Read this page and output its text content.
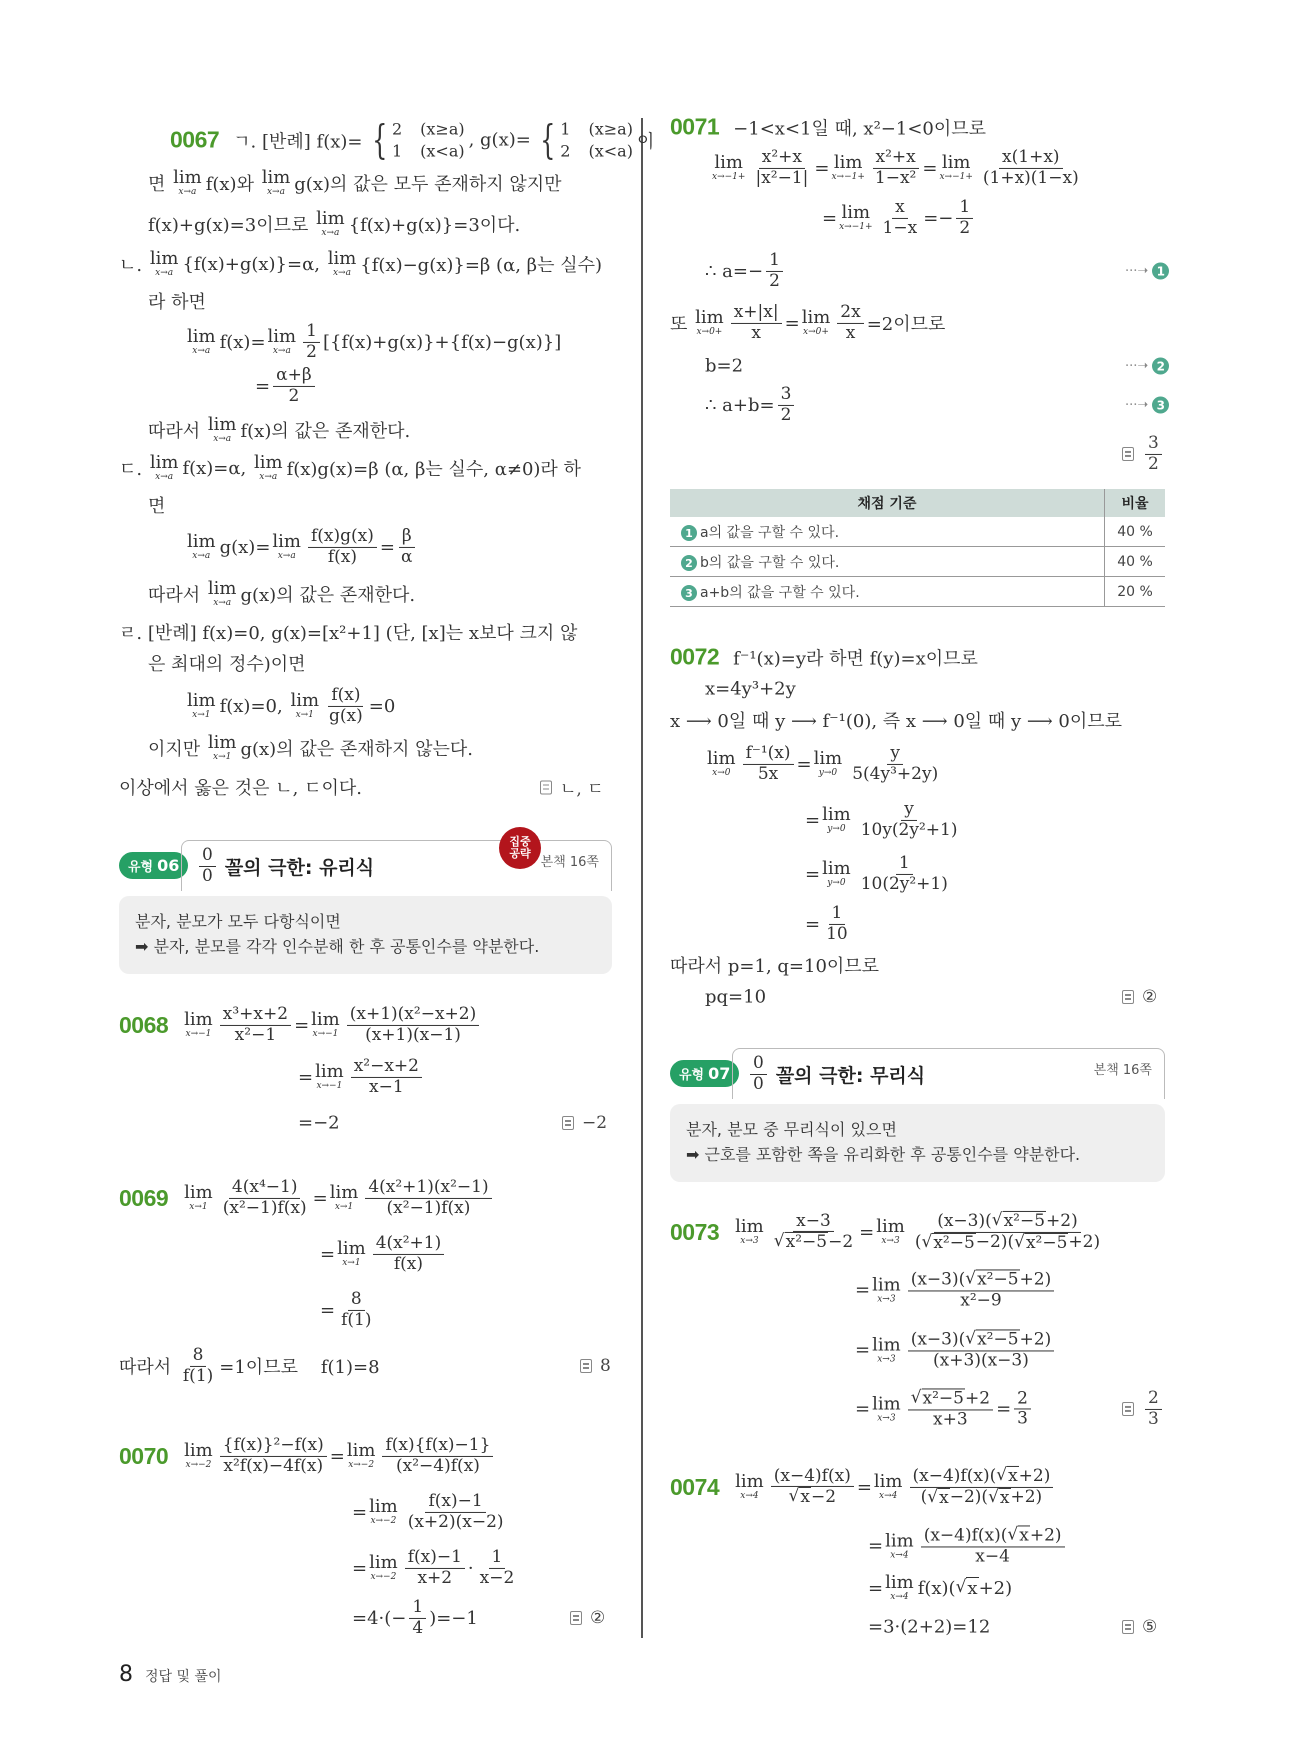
유형 $06 \frac{0}{0}$ 꼴의 극한: 유리식
집중
공략
본책 16쪽
분자, 분모가 모두 다항식이면
➡ 분자, 분모를 각각 인수분해 한 후 공통인수를 약분한다.
유형 $07 \frac{0}{0}$ 꼴의 극한: 무리식	본책 16쪽
분자, 분모 중 무리식이 있으면
➡ 근호를 포함한 쪽을 유리화한 후 공통인수를 약분한다.
채점 기준	비율
1 a의 값을 구할 수 있다.	40 %
2 b의 값을 구할 수 있다.	40 %
3 a+b의 값을 구할 수 있다.	20 %
8 정답 및 풀이
0067 ㄱ. [반례] f(x)= { 2 (x≥a)
1 (x<a) , g(x)= { 1 (x≥a)
2 (x<a) 이
면 lim
x→a f(x)와 lim
x→a g(x)의 값은 모두 존재하지 않지만
f(x)+g(x)=3이므로 lim
x→a {f(x)+g(x)}=3이다.
ㄴ. lim
x→a {f(x)+g(x)}=α, lim
x→a {f(x)−g(x)}=β (α, β는 실수)
라 하면
lim
x→a f(x)= lim
$x\to a \frac{1}{2} [\{f(x)+g(x)\}+\{f(x)-g(x)\}]$
= $\frac{\alpha+\beta}{2}$
따라서 lim
x→a f(x)의 값은 존재한다.
ㄷ. lim
x→a f(x)=α, lim
x→a f(x)g(x)=β (α, β는 실수, α≠0)라 하
면
lim
x→a g(x)= lim
$x\to a \frac{f(x)g(x)}{f(x)} = \frac{\beta}{\alpha}$
따라서 lim
x→a g(x)의 값은 존재한다.
ㄹ. [반례] f(x)=0, g(x)=[x²+1] (단, [x]는 x보다 크지 않
은 최대의 정수)이면
lim
x→1 f(x)=0, lim
$x\to 1 \frac{f(x)}{g(x)} =0$
이지만 lim
x→1 g(x)의 값은 존재하지 않는다.
이상에서 옳은 것은 ㄴ, ㄷ이다.	ㄴ, ㄷ
0068 lim
$x\to-1 \frac{\text{x³+x+2}}{\text{x²−1}} = \lim$
$x\to-1 \frac{\text{(x+1)(x²−x+2)}}{(x+1)(x-1)}$
= lim
$x\to-1 \frac{\text{x²−x+2}}{x-1}$
=−2	−2
0069 lim
$x\to 1 \frac{\text{4(x⁴−1)}}{\text{(x²−1)f(x)}} = \lim$
$x\to 1 \frac{\text{4(x²+1)(x²−1)}}{\text{(x²−1)f(x)}}$
= lim
$x\to 1 \frac{\text{4(x²+1)}}{f(x)}$
= $\frac{8}{f(1)}$
따라서 $\frac{8}{f(1)} =1$이므로    f(1)=8	8
0070 lim
$x\to-2 \frac{\text{\{f(x)\}²−f(x)}}{\text{x²f(x)−4f(x)}} = \lim$
$x\to-2 \frac{f(x)\{f(x)-1\}}{\text{(x²−4)f(x)}}$
= lim
$x\to-2 \frac{f(x)-1}{(x+2)(x-2)}$
= lim
$x\to-2 \frac{f(x)-1}{x+2} \cdot \frac{1}{x-2}$
$=4\cdot(- \frac{1}{4} )=-1$	②
0071 −1<x<1일 때, x²−1<0이므로
lim
$x\to-1+ \frac{\text{x²+x}}{\text{|x²−1|}} = \lim$
$x\to-1+ \frac{\text{x²+x}}{\text{1−x²}} = \lim$
$x\to-1+ \frac{x(1+x)}{(1+x)(1-x)}$
= lim
$x\to-1+ \frac{x}{1-x} =- \frac{1}{2}$
∴ $a=- \frac{1}{2}$
또 lim
$x\to 0+ \frac{x+|x|}{x} = \lim$
$x\to 0+ \frac{2x}{x} =2$이므로
b=2
∴ $a+b= \frac{3}{2}$
···➝ 1
···➝ 2
···➝ 3
$\frac{3}{2}$
0072 f⁻¹(x)=y라 하면 f(y)=x이므로
x=4y³+2y
x ⟶ 0일 때 y ⟶ f⁻¹(0), 즉 x ⟶ 0일 때 y ⟶ 0이므로
lim
$x\to 0 \frac{\text{f⁻¹(x)}}{5x} = \lim$
$y\to 0 \frac{y}{\text{5(4y³+2y)}}$
= lim
$y\to 0 \frac{y}{\text{10y(2y²+1)}}$
= lim
$y\to 0 \frac{1}{\text{10(2y²+1)}}$
= $\frac{1}{10}$
따라서 p=1, q=10이므로
pq=10	②
0073 lim
$x\to 3 \frac{x-3}{\text{√ x²−5 −2}} = \lim$
$x\to 3 \frac{\text{(x−3)( √ x²−5 +2)}}{\text{( √ x²−5 −2)( √ x²−5 +2)}}$
= lim
$x\to 3 \frac{\text{(x−3)( √ x²−5 +2)}}{\text{x²−9}}$
= lim
$x\to 3 \frac{\text{(x−3)( √ x²−5 +2)}}{(x+3)(x-3)}$
= lim
$x\to 3 \frac{\text{√ x²−5 +2}}{x+3} = \frac{2}{3}$	$\frac{2}{3}$
0074 lim
$x\to 4 \frac{(x-4)f(x)}{√ x -2} = \lim$
$x\to 4 \frac{(x-4)f(x)( √ x +2)}{( √ x -2)( √ x +2)}$
= lim
$x\to 4 \frac{(x-4)f(x)( √ x +2)}{x-4}$
= lim
x→4 f(x)( √ x +2)
=3·(2+2)=12	⑤
